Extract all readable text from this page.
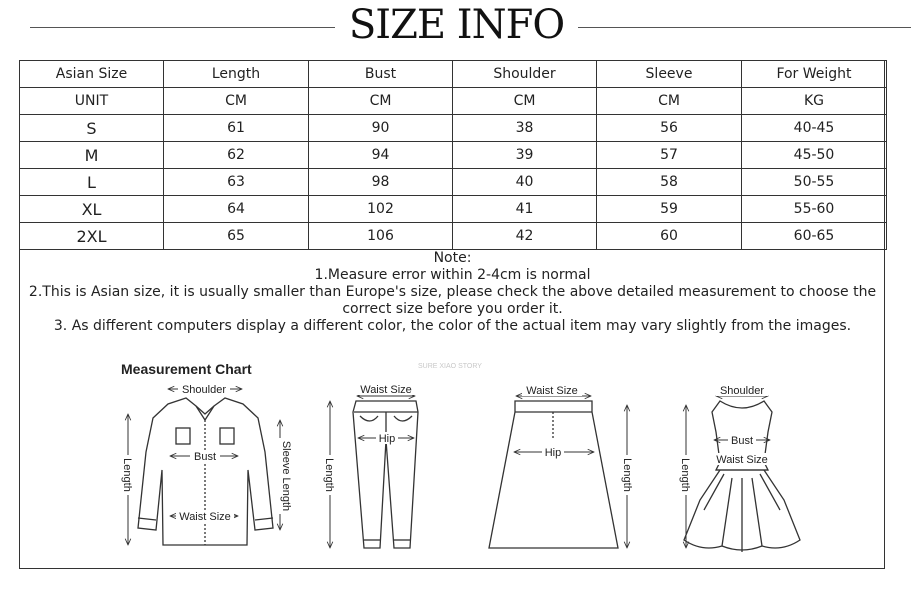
SIZE INFO
Asian Size	Length	Bust	Shoulder	Sleeve	For Weight
UNIT	CM	CM	CM	CM	KG
S	61	90	38	56	40-45
M	62	94	39	57	45-50
L	63	98	40	58	50-55
XL	64	102	41	59	55-60
2XL	65	106	42	60	60-65
Note:
1.Measure error within 2-4cm is normal
2.This is Asian size, it is usually smaller than Europe's size, please check the above detailed measurement to choose the correct size before you order it.
3. As different computers display a different color, the color of the actual item may vary slightly from the images.
Measurement Chart	SURE XIAO STORY
Shoulder
Bust
Waist Size
Length	Sleeve Length
Waist Size
Hip
Length
Waist Size
Hip
Length
Shoulder
Bust
Waist Size
Length
